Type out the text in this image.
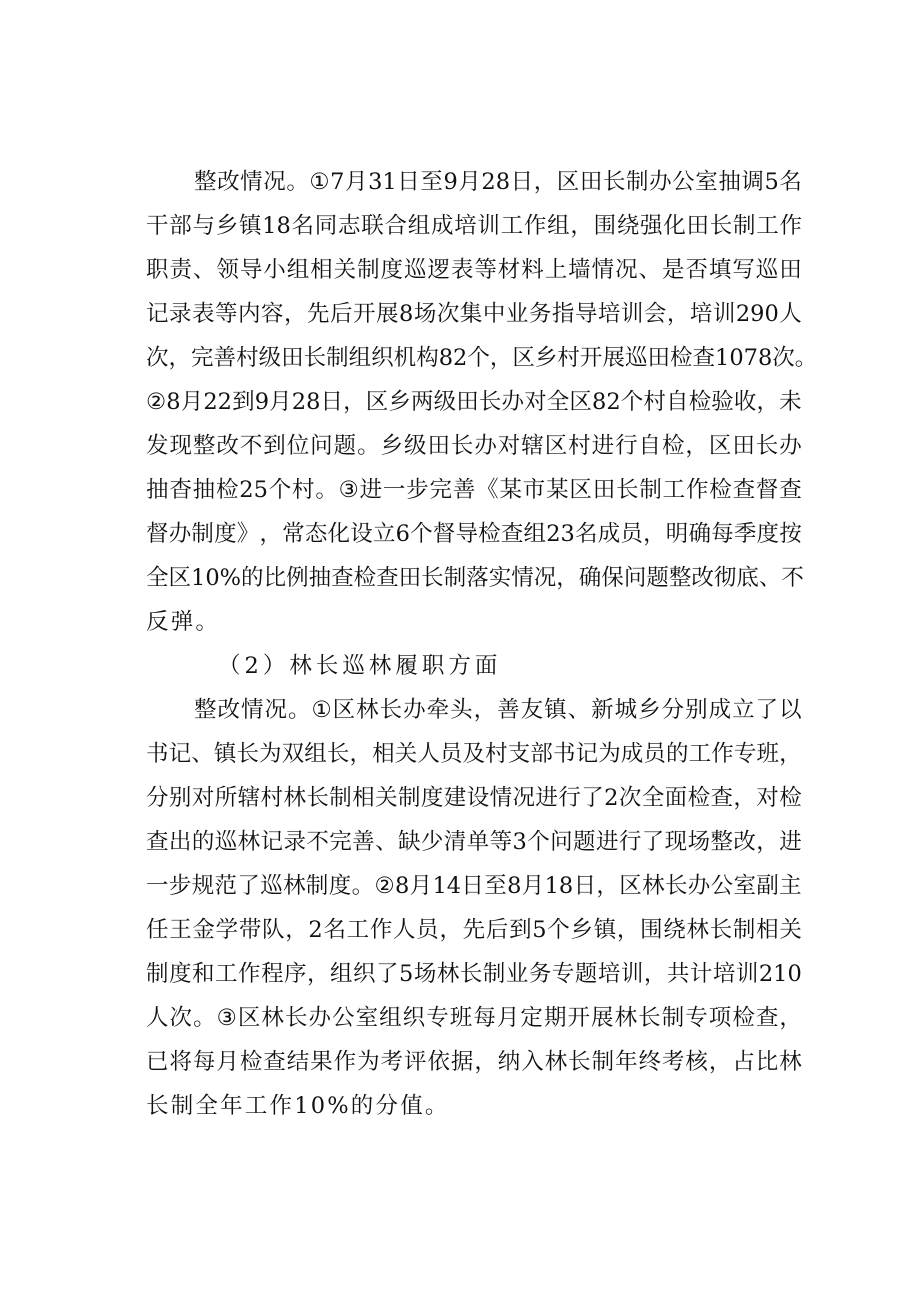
整 改 情 况 。 ① 7 月 31 日 至 9 月 28 日 ， 区 田 长 制 办 公 室 抽 调 5 名
干 部 与 乡 镇 18 名 同 志 联 合 组 成 培 训 工 作 组 ， 围 绕 强 化 田 长 制 工 作
职 责 、 领 导 小 组 相 关 制 度 巡 逻 表 等 材 料 上 墙 情 况 、 是 否 填 写 巡 田
记 录 表 等 内 容 ， 先 后 开 展 8 场 次 集 中 业 务 指 导 培 训 会 ， 培 训 290 人
次 ， 完 善 村 级 田 长 制 组 织 机 构 82 个 ， 区 乡 村 开 展 巡 田 检 查 1078 次 。
② 8 月 22 到 9 月 28 日 ， 区 乡 两 级 田 长 办 对 全 区 82 个 村 自 检 验 收 ， 未
发 现 整 改 不 到 位 问 题 。 乡 级 田 长 办 对 辖 区 村 进 行 自 检 ， 区 田 长 办
抽 杳 抽 检 25 个 村 。 ③ 进 一 步 完 善 《 某 市 某 区 田 长 制 工 作 检 查 督 查
督 办 制 度 》 ， 常 态 化 设 立 6 个 督 导 检 查 组 23 名 成 员 ， 明 确 每 季 度 按
全 区 10% 的 比 例 抽 查 检 查 田 长 制 落 实 情 况 ， 确 保 问 题 整 改 彻 底 、 不
反弹。
（2）林长巡林履职方面
整 改 情 况 。 ① 区 林 长 办 牵 头 ， 善 友 镇 、 新 城 乡 分 别 成 立 了 以
书 记 、 镇 长 为 双 组 长 ， 相 关 人 员 及 村 支 部 书 记 为 成 员 的 工 作 专 班 ，
分 别 对 所 辖 村 林 长 制 相 关 制 度 建 设 情 况 进 行 了 2 次 全 面 检 查 ， 对 检
查 出 的 巡 林 记 录 不 完 善 、 缺 少 清 单 等 3 个 问 题 进 行 了 现 场 整 改 ， 进
一 步 规 范 了 巡 林 制 度 。 ② 8 月 14 日 至 8 月 18 日 ， 区 林 长 办 公 室 副 主
任 王 金 学 带 队 ， 2 名 工 作 人 员 ， 先 后 到 5 个 乡 镇 ， 围 绕 林 长 制 相 关
制 度 和 工 作 程 序 ， 组 织 了 5 场 林 长 制 业 务 专 题 培 训 ， 共 计 培 训 210
人 次 。 ③ 区 林 长 办 公 室 组 织 专 班 每 月 定 期 开 展 林 长 制 专 项 检 查 ，
已 将 每 月 检 查 结 果 作 为 考 评 依 据 ， 纳 入 林 长 制 年 终 考 核 ， 占 比 林
长制全年工作10%的分值。
